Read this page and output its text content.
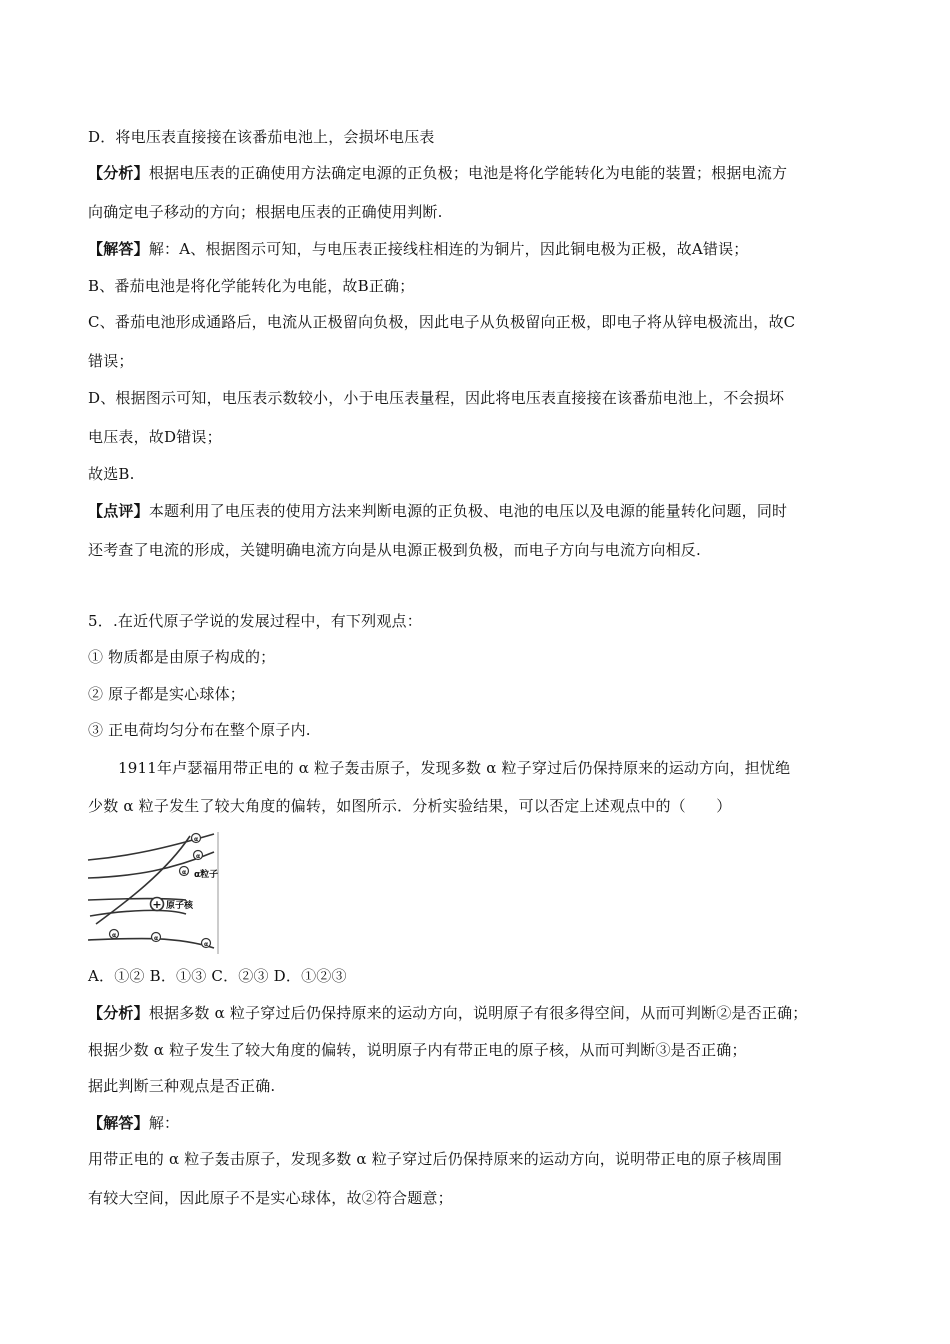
D．将电压表直接接在该番茄电池上，会损坏电压表

【分析】根据电压表的正确使用方法确定电源的正负极；电池是将化学能转化为电能的装置；根据电流方

向确定电子移动的方向；根据电压表的正确使用判断.

【解答】解：A、根据图示可知，与电压表正接线柱相连的为铜片，因此铜电极为正极，故A错误；

B、番茄电池是将化学能转化为电能，故B正确；

C、番茄电池形成通路后，电流从正极留向负极，因此电子从负极留向正极，即电子将从锌电极流出，故C

错误；

D、根据图示可知，电压表示数较小，小于电压表量程，因此将电压表直接接在该番茄电池上，不会损坏

电压表，故D错误；

故选B.

【点评】本题利用了电压表的使用方法来判断电源的正负极、电池的电压以及电源的能量转化问题，同时

还考查了电流的形成，关键明确电流方向是从电源正极到负极，而电子方向与电流方向相反.

5．.在近代原子学说的发展过程中，有下列观点：

① 物质都是由原子构成的；

② 原子都是实心球体；

③ 正电荷均匀分布在整个原子内.

1911年卢瑟福用带正电的 α 粒子轰击原子，发现多数 α 粒子穿过后仍保持原来的运动方向，担忧绝

少数 α 粒子发生了较大角度的偏转，如图所示．分析实验结果，可以否定上述观点中的（　　）

+
α
α
α
α	α
α
α粒子
原子核

A．①② B．①③ C．②③ D．①②③

【分析】根据多数 α 粒子穿过后仍保持原来的运动方向，说明原子有很多得空间，从而可判断②是否正确；

根据少数 α 粒子发生了较大角度的偏转，说明原子内有带正电的原子核，从而可判断③是否正确；

据此判断三种观点是否正确.

【解答】解：

用带正电的 α 粒子轰击原子，发现多数 α 粒子穿过后仍保持原来的运动方向，说明带正电的原子核周围

有较大空间，因此原子不是实心球体，故②符合题意；
